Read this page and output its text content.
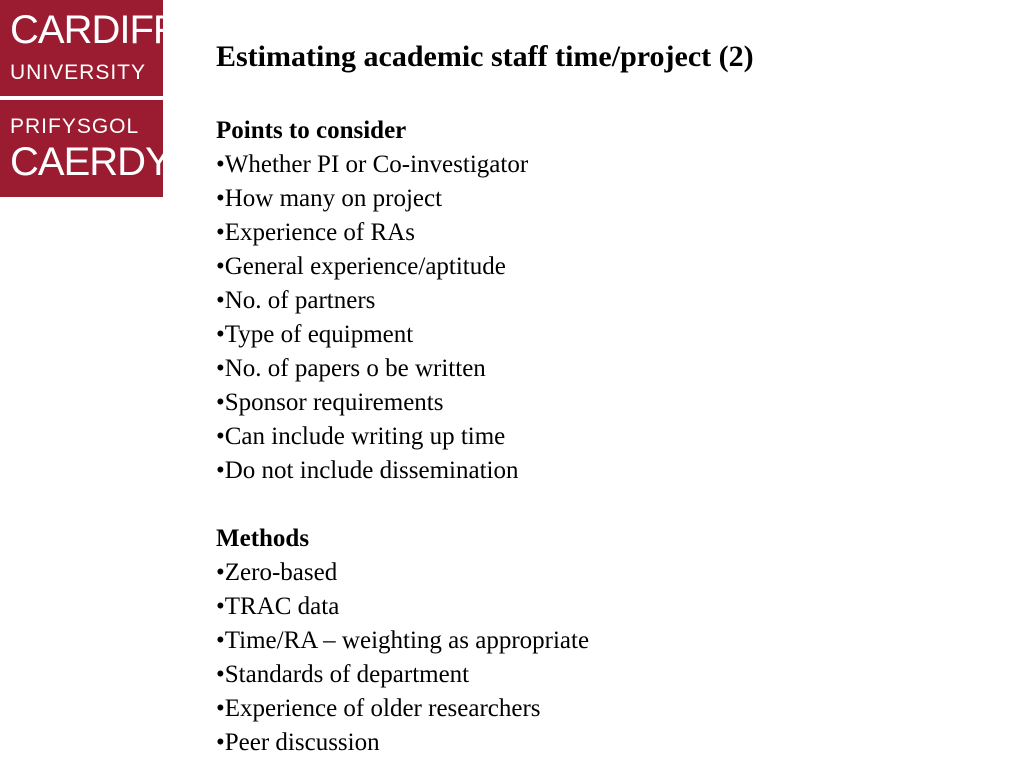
CARDIFF
UNIVERSITY
PRIFYSGOL
CAERDYDD
Estimating academic staff time/project (2)
Points to consider
•Whether PI or Co-investigator
•How many on project
•Experience of RAs
•General experience/aptitude
•No. of partners
•Type of equipment
•No. of papers o be written
•Sponsor requirements
•Can include writing up time
•Do not include dissemination
Methods
•Zero-based
•TRAC data
•Time/RA – weighting as appropriate
•Standards of department
•Experience of older researchers
•Peer discussion
